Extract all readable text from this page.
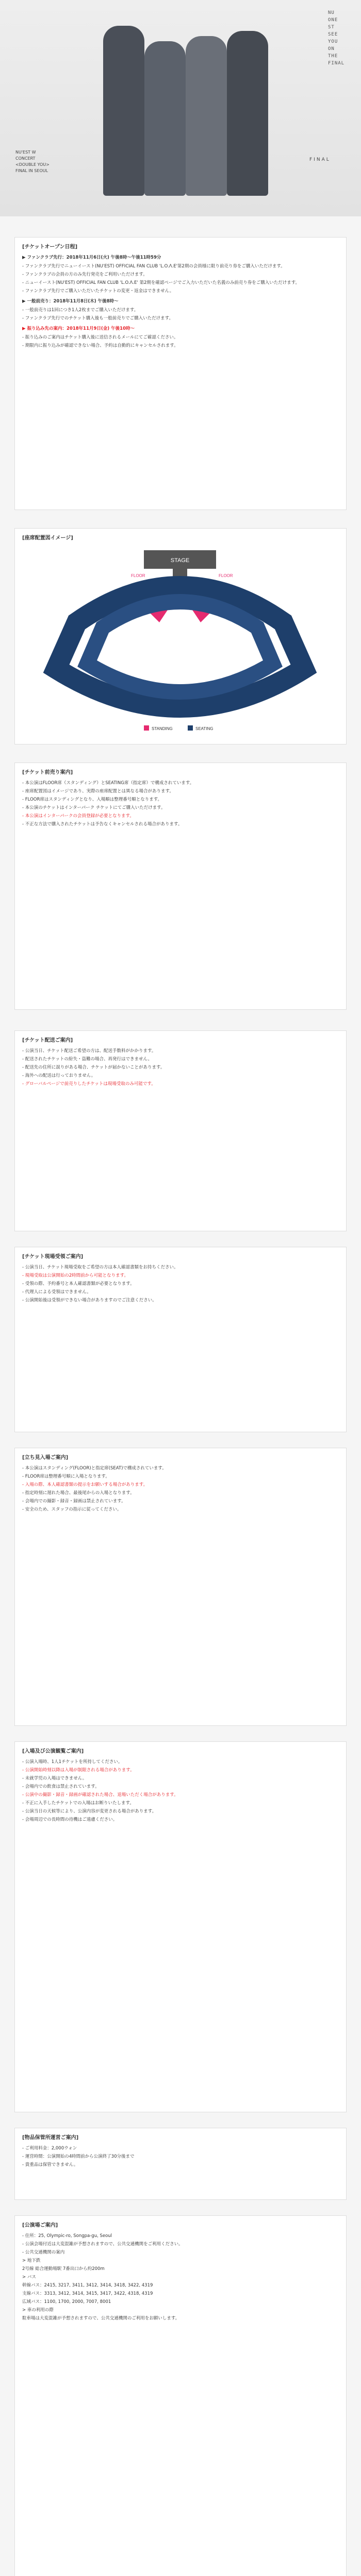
NU
ONE
ST
SEE
YOU
ON
THE
FINAL
NU'EST W
CONCERT
<DOUBLE YOU>
FINAL IN SEOUL
FINAL
[チケットオープン日程]
▶ ファンクラブ先行：2018年11月6日(火) 午後8時〜午後11時59分
- ファンクラブ先行でニューイースト(NU'EST) OFFICIAL FAN CLUB 'L.O.Λ.E'第2期の会員様に限り前売り券をご購入いただけます。
- ファンクラブの会員の方のみ先行発売をご利用いただけます。
- ニューイースト(NU'EST) OFFICIAL FAN CLUB 'L.O.Λ.E' 第2期を確認ページでご入力いただいた名義のみ前売り券をご購入いただけます。
- ファンクラブ先行でご購入いただいたチケットの変更・返金はできません。
▶ 一般前売り：2018年11月8日(木) 午後8時〜
- 一般前売りは1回につき1人2枚までご購入いただけます。
- ファンクラブ先行でのチケット購入後も一般前売りでご購入いただけます。
▶ 振り込み先の案内：2018年11月9日(金) 午後10時〜
- 振り込みのご案内はチケット購入後に送信されるメールにてご確認ください。
- 期限内に振り込みが確認できない場合、予約は自動的にキャンセルされます。
[座席配置図イメージ]
STAGE
FLOOR	FLOOR
A	B
STANDING	SEATING
[チケット前売り案内]
- 本公演はFLOOR席（スタンディング）とSEATING席（指定席）で構成されています。
- 座席配置図はイメージであり、実際の座席配置とは異なる場合があります。
- FLOOR席はスタンディングとなり、入場順は整理番号順となります。
- 本公演のチケットはインターパーク チケットにてご購入いただけます。
- 本公演はインターパークの会員登録が必要となります。
- 不正な方法で購入されたチケットは予告なくキャンセルされる場合があります。
[チケット配送ご案内]
- 公演当日、チケット配送ご希望の方は、配送手数料がかかります。
- 配送されたチケットの紛失・盗難の場合、再発行はできません。
- 配送先の住所に誤りがある場合、チケットが届かないことがあります。
- 海外への配送は行っておりません。
- グローバルページで前売りしたチケットは現場受取のみ可能です。
[チケット現場受領ご案内]
- 公演当日、チケット現場受取をご希望の方は本人確認書類をお持ちください。
- 現場受取は公演開始の2時間前から可能となります。
- 受領の際、予約番号と本人確認書類が必要となります。
- 代理人による受領はできません。
- 公演開始後は受領ができない場合がありますのでご注意ください。
[立ち見入場ご案内]
- 本公演はスタンディング(FLOOR)と指定席(SEAT)で構成されています。
- FLOOR席は整理番号順に入場となります。
- 入場の際、本人確認書類の提示をお願いする場合があります。
- 指定時刻に遅れた場合、最後尾からの入場となります。
- 会場内での撮影・録音・録画は禁止されています。
- 安全のため、スタッフの指示に従ってください。
[入場及び公演観覧ご案内]
- 公演入場時、1人1チケットを所持してください。
- 公演開始時刻以降は入場が制限される場合があります。
- 未就学児の入場はできません。
- 会場内での飲食は禁止されています。
- 公演中の撮影・録音・録画が確認された場合、退場いただく場合があります。
- 不正に入手したチケットでの入場はお断りいたします。
- 公演当日の天候等により、公演内容が変更される場合があります。
- 会場周辺での長時間の待機はご遠慮ください。
[物品保管所運営ご案内]
- ご利用料金：2,000ウォン
- 運営時間：公演開始の4時間前から公演終了30分後まで
- 貴重品は保管できません。
[公演場ご案内]
- 住所：25, Olympic-ro, Songpa-gu, Seoul
- 公演会場付近は大変混雑が予想されますので、公共交通機関をご利用ください。
- 公共交通機関の案内
> 地下鉄
2号線 総合運動場駅 7番出口から約200m
> バス
幹線バス：2415, 3217, 3411, 3412, 3414, 3418, 3422, 4319
支線バス：3313, 3412, 3414, 3415, 3417, 3422, 4318, 4319
広域バス：1100, 1700, 2000, 7007, 8001
> 車の利用の際
駐車場は大変混雑が予想されますので、公共交通機関のご利用をお願いします。
